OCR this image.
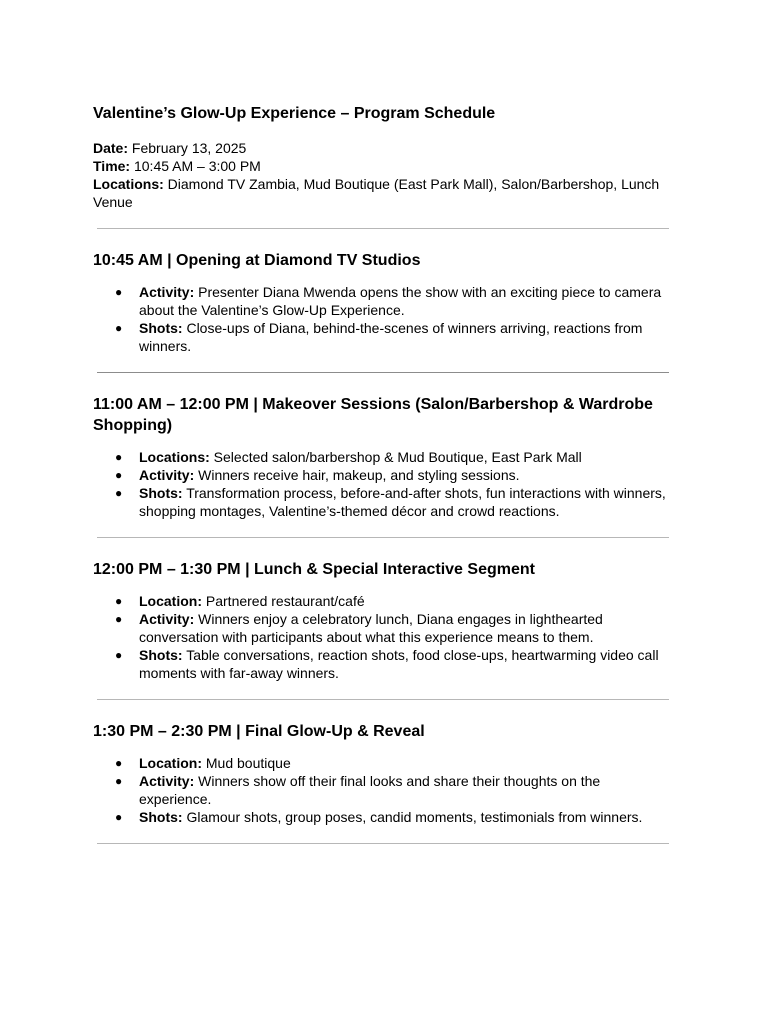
Valentine’s Glow-Up Experience – Program Schedule

Date: February 13, 2025

Time: 10:45 AM – 3:00 PM

Locations: Diamond TV Zambia, Mud Boutique (East Park Mall), Salon/Barbershop, Lunch Venue

10:45 AM | Opening at Diamond TV Studios
● Activity: Presenter Diana Mwenda opens the show with an exciting piece to camera about the Valentine’s Glow-Up Experience.
● Shots: Close-ups of Diana, behind-the-scenes of winners arriving, reactions from winners.
11:00 AM – 12:00 PM | Makeover Sessions (Salon/Barbershop & Wardrobe Shopping)
● Locations: Selected salon/barbershop & Mud Boutique, East Park Mall
● Activity: Winners receive hair, makeup, and styling sessions.
● Shots: Transformation process, before-and-after shots, fun interactions with winners, shopping montages, Valentine’s-themed décor and crowd reactions.
12:00 PM – 1:30 PM | Lunch & Special Interactive Segment
● Location: Partnered restaurant/café
● Activity: Winners enjoy a celebratory lunch, Diana engages in lighthearted conversation with participants about what this experience means to them.
● Shots: Table conversations, reaction shots, food close-ups, heartwarming video call moments with far-away winners.
1:30 PM – 2:30 PM | Final Glow-Up & Reveal
● Location: Mud boutique
● Activity: Winners show off their final looks and share their thoughts on the experience.
● Shots: Glamour shots, group poses, candid moments, testimonials from winners.
